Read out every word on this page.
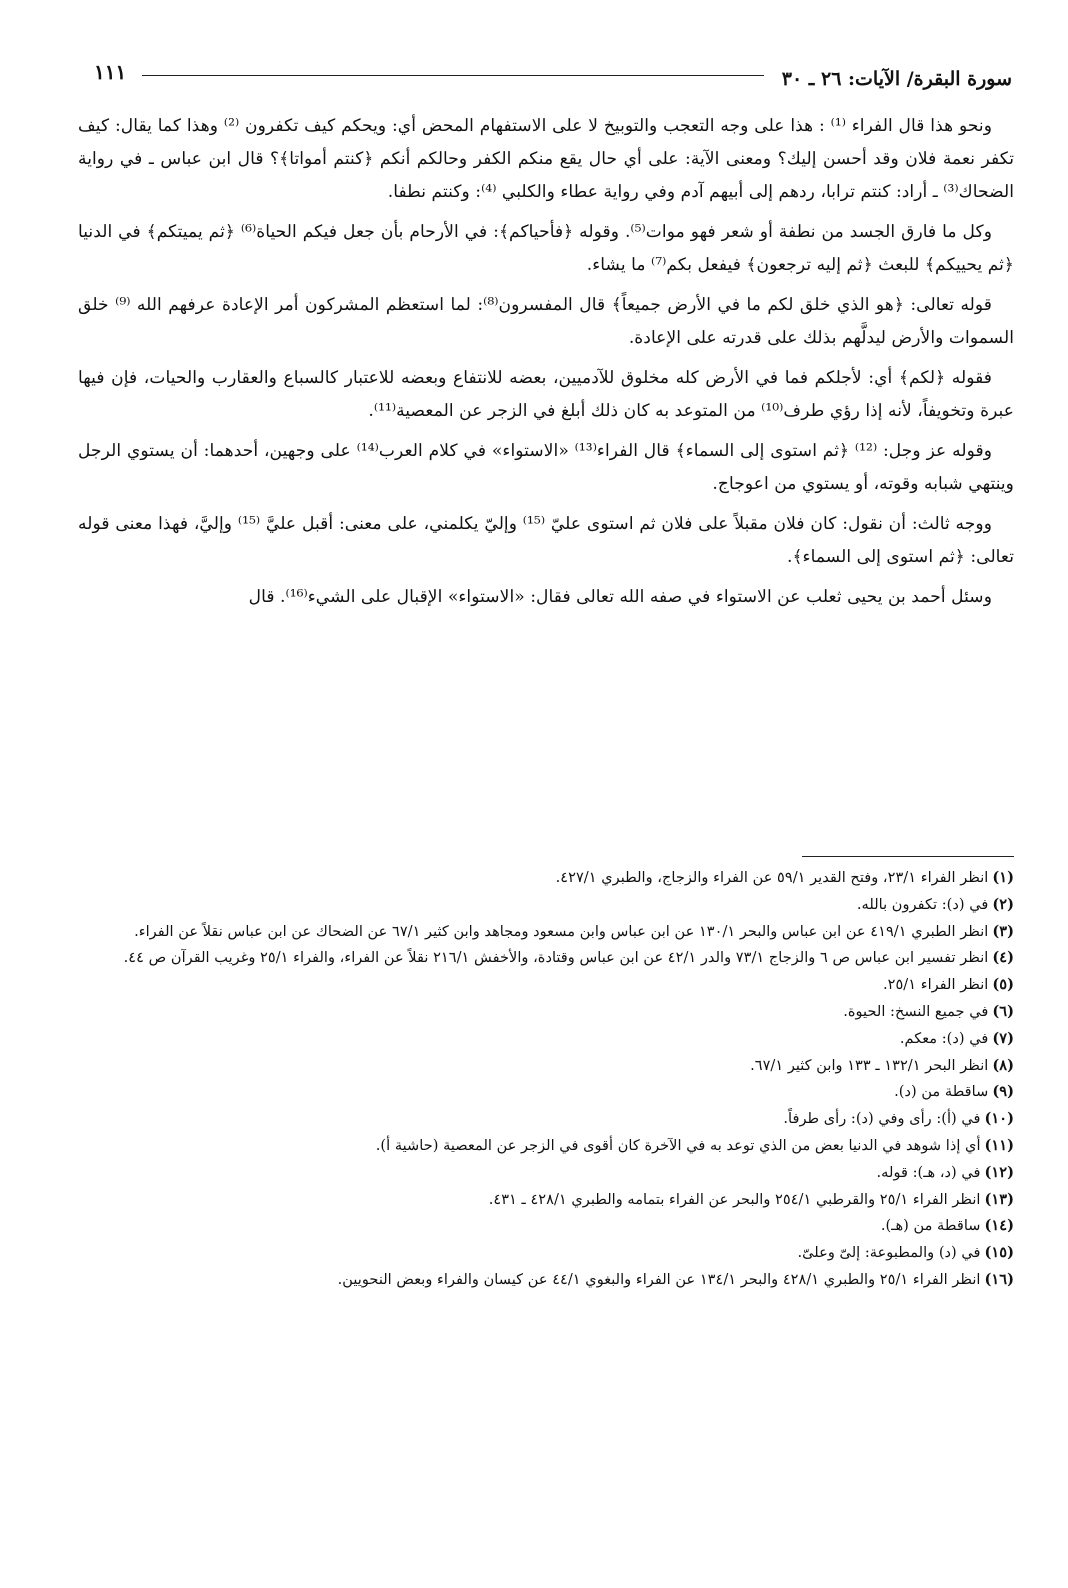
سورة البقرة/ الآيات: ٢٦ ـ ٣٠
١١١

ونحو هذا قال الفراء ⁽¹⁾ : هذا على وجه التعجب والتوبيخ لا على الاستفهام المحض أي: ويحكم كيف تكفرون ⁽²⁾ وهذا كما يقال: كيف تكفر نعمة فلان وقد أحسن إليك؟ ومعنى الآية: على أي حال يقع منكم الكفر وحالكم أنكم ﴿كنتم أمواتا﴾؟ قال ابن عباس ـ في رواية الضحاك⁽³⁾ ـ أراد: كنتم ترابا، ردهم إلى أبيهم آدم وفي رواية عطاء والكلبي ⁽⁴⁾: وكنتم نطفا.

وكل ما فارق الجسد من نطفة أو شعر فهو موات⁽⁵⁾. وقوله ﴿فأحياكم﴾: في الأرحام بأن جعل فيكم الحياة⁽⁶⁾ ﴿ثم يميتكم﴾ في الدنيا ﴿ثم يحييكم﴾ للبعث ﴿ثم إليه ترجعون﴾ فيفعل بكم⁽⁷⁾ ما يشاء.

قوله تعالى: ﴿هو الذي خلق لكم ما في الأرض جميعاً﴾ قال المفسرون⁽⁸⁾: لما استعظم المشركون أمر الإعادة عرفهم الله ⁽⁹⁾ خلق السموات والأرض ليدلَّهم بذلك على قدرته على الإعادة.

فقوله ﴿لكم﴾ أي: لأجلكم فما في الأرض كله مخلوق للآدميين، بعضه للانتفاع وبعضه للاعتبار كالسباع والعقارب والحيات، فإن فيها عبرة وتخويفاً، لأنه إذا رؤي طرف⁽¹⁰⁾ من المتوعد به كان ذلك أبلغ في الزجر عن المعصية⁽¹¹⁾.

وقوله عز وجل: ⁽¹²⁾ ﴿ثم استوى إلى السماء﴾ قال الفراء⁽¹³⁾ «الاستواء» في كلام العرب⁽¹⁴⁾ على وجهين، أحدهما: أن يستوي الرجل وينتهي شبابه وقوته، أو يستوي من اعوجاج.

ووجه ثالث: أن نقول: كان فلان مقبلاً على فلان ثم استوى عليّ ⁽¹⁵⁾ وإليّ يكلمني، على معنى: أقبل عليَّ ⁽¹⁵⁾ وإليَّ، فهذا معنى قوله تعالى: ﴿ثم استوى إلى السماء﴾.

وسئل أحمد بن يحيى ثعلب عن الاستواء في صفه الله تعالى فقال: «الاستواء» الإقبال على الشيء⁽¹⁶⁾. قال

(١)انظر الفراء ٢٣/١، وفتح القدير ٥٩/١ عن الفراء والزجاج، والطبري ٤٢٧/١.
(٢)في (د): تكفرون بالله.
(٣)انظر الطبري ٤١٩/١ عن ابن عباس والبحر ١٣٠/١ عن ابن عباس وابن مسعود ومجاهد وابن كثير ٦٧/١ عن الضحاك عن ابن عباس نقلاً عن الفراء.
(٤)انظر تفسير ابن عباس ص ٦ والزجاج ٧٣/١ والدر ٤٢/١ عن ابن عباس وقتادة، والأخفش ٢١٦/١ نقلاً عن الفراء، والفراء ٢٥/١ وغريب القرآن ص ٤٤.
(٥)انظر الفراء ٢٥/١.
(٦)في جميع النسخ: الحيوة.
(٧)في (د): معكم.
(٨)انظر البحر ١٣٢/١ ـ ١٣٣ وابن كثير ٦٧/١.
(٩)ساقطة من (د).
(١٠)في (أ): رأى وفي (د): رأى طرفاً.
(١١)أي إذا شوهد في الدنيا بعض من الذي توعد به في الآخرة كان أقوى في الزجر عن المعصية (حاشية أ).
(١٢)في (د، هـ): قوله.
(١٣)انظر الفراء ٢٥/١ والقرطبي ٢٥٤/١ والبحر عن الفراء بتمامه والطبري ٤٢٨/١ ـ ٤٣١.
(١٤)ساقطة من (هـ).
(١٥)في (د) والمطبوعة: إلىّ وعلىّ.
(١٦)انظر الفراء ٢٥/١ والطبري ٤٢٨/١ والبحر ١٣٤/١ عن الفراء والبغوي ٤٤/١ عن كيسان والفراء وبعض النحويين.
